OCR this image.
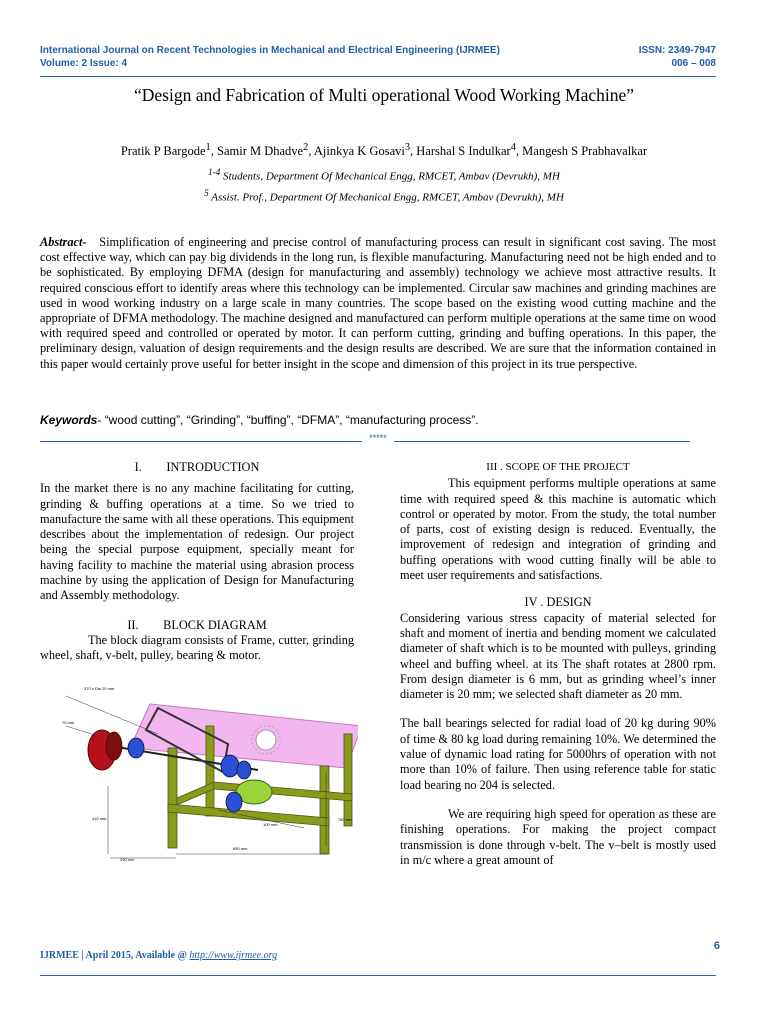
International Journal on Recent Technologies in Mechanical and Electrical Engineering (IJRMEE)
Volume: 2 Issue: 4
ISSN: 2349-7947
006 – 008
“Design and Fabrication of Multi operational Wood Working Machine”
Pratik P Bargode$^1$, Samir M Dhadve$^2$, Ajinkya K Gosavi$^3$, Harshal S Indulkar$^4$, Mangesh S Prabhavalkar
$^{1-4}$ Students, Department Of Mechanical Engg, RMCET, Ambav (Devrukh), MH
$^5$ Assist. Prof., Department Of Mechanical Engg, RMCET, Ambav (Devrukh), MH
Abstract- Simplification of engineering and precise control of manufacturing process can result in significant cost saving. The most cost effective way, which can pay big dividends in the long run, is flexible manufacturing. Manufacturing need not be high ended and to be sophisticated. By employing DFMA (design for manufacturing and assembly) technology we achieve most attractive results. It required conscious effort to identify areas where this technology can be implemented. Circular saw machines and grinding machines are used in wood working industry on a large scale in many countries. The scope based on the existing wood cutting machine and the appropriate of DFMA methodology. The machine designed and manufactured can perform multiple operations at the same time on wood with required speed and controlled or operated by motor. It can perform cutting, grinding and buffing operations. In this paper, the preliminary design, valuation of design requirements and the design results are described. We are sure that the information contained in this paper would certainly prove useful for better insight in the scope and dimension of this project in its true perspective.
Keywords- “wood cutting”, “Grinding”, “buffing”, “DFMA”, “manufacturing process”.
*****
I.        INTRODUCTION

In the market there is no any machine facilitating for cutting, grinding & buffing operations at a time. So we tried to manufacture the same with all these operations. This equipment describes about the implementation of redesign. Our project being the special purpose equipment, specially meant for having facility to machine the material using abrasion process machine by using the application of Design for Manufacturing and Assembly methodology.

II.        BLOCK DIAGRAM

The block diagram consists of Frame, cutter, grinding wheel, shaft, v-belt, pulley, bearing & motor.

370 x Dia 20 mm
75 mm
410 mm	780 mm
100 mm
650 mm
290 mm
III . SCOPE OF THE PROJECT

This equipment performs multiple operations at same time with required speed & this machine is automatic which control or operated by motor. From the study, the total number of parts, cost of existing design is reduced. Eventually, the improvement of redesign and integration of grinding and buffing operations with wood cutting finally will be able to meet user requirements and satisfactions.

IV . DESIGN

Considering various stress capacity of material selected for shaft and moment of inertia and bending moment we calculated diameter of shaft which is to be mounted with pulleys, grinding wheel and buffing wheel. at its The shaft rotates at 2800 rpm. From design diameter is 6 mm, but as grinding wheel’s inner diameter is 20 mm; we selected shaft diameter as 20 mm.

The ball bearings selected for radial load of 20 kg during 90% of time & 80 kg load during remaining 10%. We determined the value of dynamic load rating for 5000hrs of operation with not more than 10% of failure. Then using reference table for static load bearing no 204 is selected.

We are requiring high speed for operation as these are finishing operations. For making the project compact transmission is done through v-belt. The v–belt is mostly used in m/c where a great amount of

6
IJRMEE | April 2015, Available @ http://www.ijrmee.org
